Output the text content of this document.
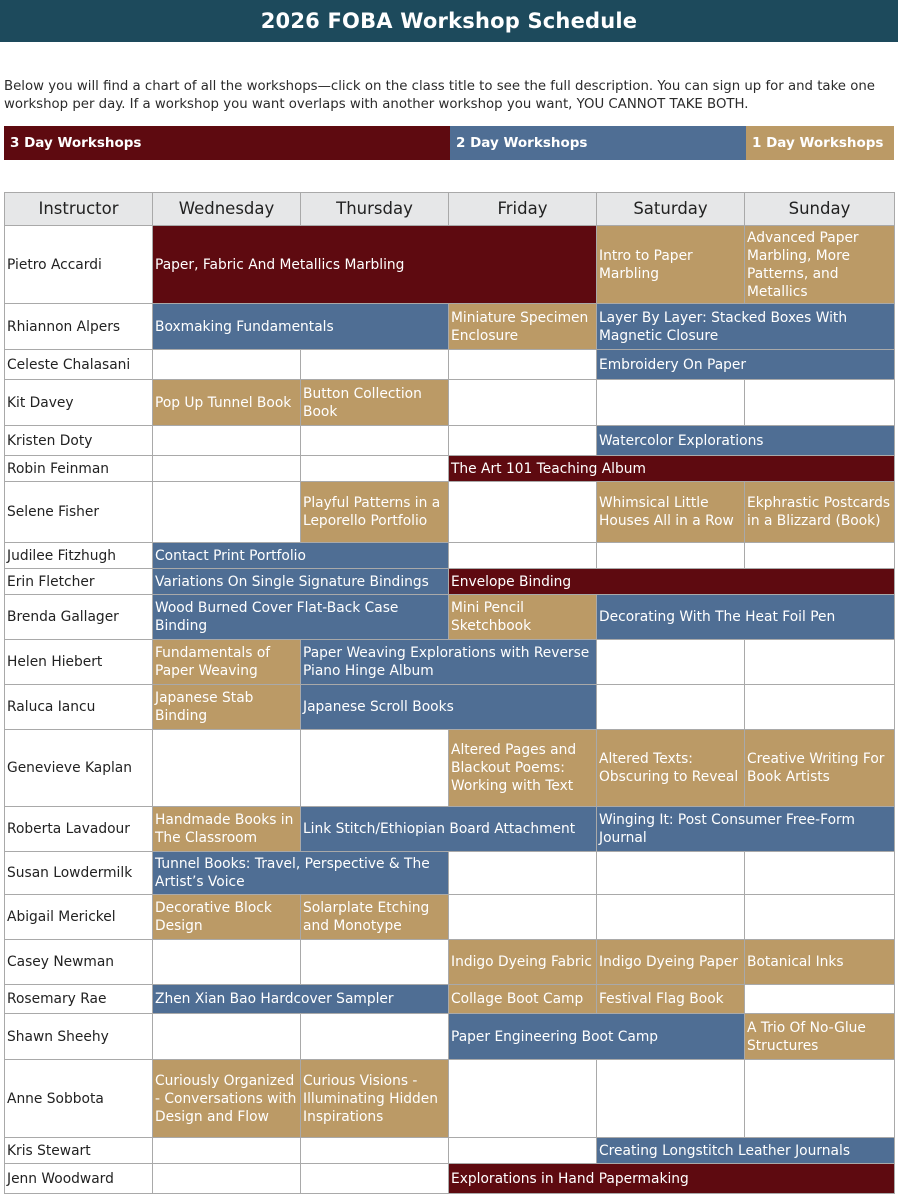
2026 FOBA Workshop Schedule
Below you will find a chart of all the workshops—click on the class title to see the full description. You can sign up for and take one workshop per day. If a workshop you want overlaps with another workshop you want, YOU CANNOT TAKE BOTH.
3 Day Workshops	2 Day Workshops	1 Day Workshops
Instructor	Wednesday	Thursday	Friday	Saturday	Sunday
Pietro Accardi	Paper, Fabric And Metallics Marbling			Intro to Paper Marbling	Advanced Paper Marbling, More Patterns, and Metallics
Rhiannon Alpers	Boxmaking Fundamentals		Miniature Specimen Enclosure	Layer By Layer: Stacked Boxes With Magnetic Closure	
Celeste Chalasani				Embroidery On Paper	
Kit Davey	Pop Up Tunnel Book	Button Collection Book			
Kristen Doty				Watercolor Explorations	
Robin Feinman			The Art 101 Teaching Album		
Selene Fisher		Playful Patterns in a Leporello Portfolio		Whimsical Little Houses All in a Row	Ekphrastic Postcards in a Blizzard (Book)
Judilee Fitzhugh	Contact Print Portfolio				
Erin Fletcher	Variations On Single Signature Bindings		Envelope Binding		
Brenda Gallager	Wood Burned Cover Flat-Back Case Binding		Mini Pencil Sketchbook	Decorating With The Heat Foil Pen	
Helen Hiebert	Fundamentals of Paper Weaving	Paper Weaving Explorations with Reverse Piano Hinge Album			
Raluca Iancu	Japanese Stab Binding	Japanese Scroll Books			
Genevieve Kaplan			Altered Pages and Blackout Poems: Working with Text	Altered Texts: Obscuring to Reveal	Creative Writing For Book Artists
Roberta Lavadour	Handmade Books in The Classroom	Link Stitch/Ethiopian Board Attachment		Winging It: Post Consumer Free-Form Journal	
Susan Lowdermilk	Tunnel Books: Travel, Perspective & The Artist’s Voice				
Abigail Merickel	Decorative Block Design	Solarplate Etching and Monotype			
Casey Newman			Indigo Dyeing Fabric	Indigo Dyeing Paper	Botanical Inks
Rosemary Rae	Zhen Xian Bao Hardcover Sampler		Collage Boot Camp	Festival Flag Book	
Shawn Sheehy			Paper Engineering Boot Camp		A Trio Of No-Glue Structures
Anne Sobbota	Curiously Organized - Conversations with Design and Flow	Curious Visions - Illuminating Hidden Inspirations			
Kris Stewart				Creating Longstitch Leather Journals	
Jenn Woodward			Explorations in Hand Papermaking		
